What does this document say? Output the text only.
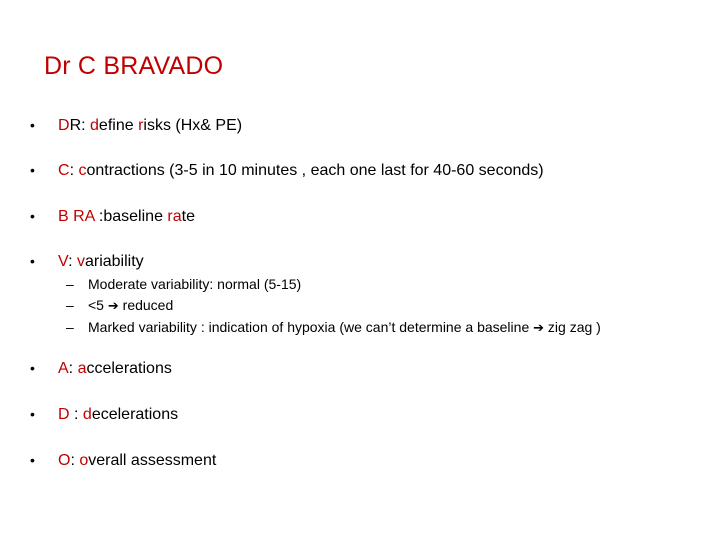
Dr C BRAVADO
• DR: define risks (Hx& PE)
• C: contractions (3-5 in 10 minutes , each one last for 40-60 seconds)
• B RA :baseline rate
• V: variability
– Moderate variability: normal (5-15)
– <5 ➔ reduced
– Marked variability : indication of hypoxia (we can’t determine a baseline ➔ zig zag )
• A: accelerations
• D : decelerations
• O: overall assessment
